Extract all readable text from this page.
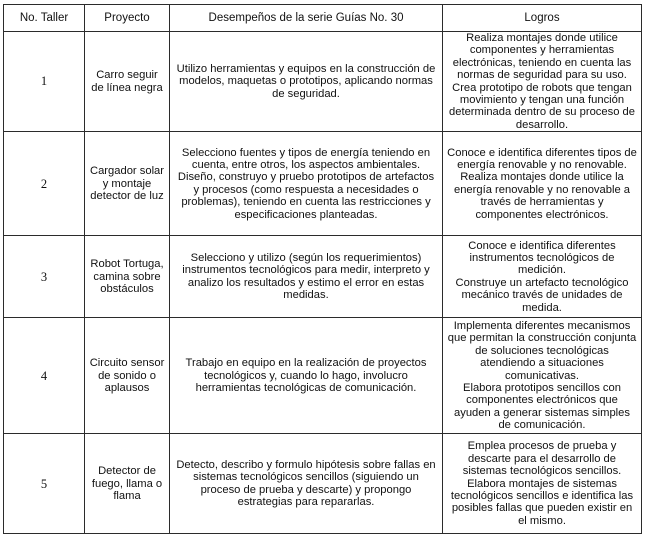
No. Taller	Proyecto	Desempeños de la serie Guías No. 30	Logros
1	Carro seguir de línea negra	Utilizo herramientas y equipos en la construcción de modelos, maquetas o prototipos, aplicando normas de seguridad.	Realiza montajes donde utilice componentes y herramientas electrónicas, teniendo en cuenta las normas de seguridad para su uso.
Crea prototipo de robots que tengan movimiento y tengan una función determinada dentro de su proceso de desarrollo.

2	Cargador solar y montaje detector de luz	Selecciono fuentes y tipos de energía teniendo en cuenta, entre otros, los aspectos ambientales.
Diseño, construyo y pruebo prototipos de artefactos y procesos (como respuesta a necesidades o problemas), teniendo en cuenta las restricciones y especificaciones planteadas.	Conoce e identifica diferentes tipos de energía renovable y no renovable.
Realiza montajes donde utilice la energía renovable y no renovable a través de herramientas y componentes electrónicos.

3	Robot Tortuga, camina sobre obstáculos	Selecciono y utilizo (según los requerimientos) instrumentos tecnológicos para medir, interpreto y analizo los resultados y estimo el error en estas medidas.	Conoce e identifica diferentes instrumentos tecnológicos de medición.
Construye un artefacto tecnológico mecánico través de unidades de medida.

4	Circuito sensor de sonido o aplausos	Trabajo en equipo en la realización de proyectos tecnológicos y, cuando lo hago, involucro herramientas tecnológicas de comunicación.	Implementa diferentes mecanismos que permitan la construcción conjunta de soluciones tecnológicas atendiendo a situaciones comunicativas.
Elabora prototipos sencillos con componentes electrónicos que ayuden a generar sistemas simples de comunicación.

5	Detector de fuego, llama o flama	Detecto, describo y formulo hipótesis sobre fallas en sistemas tecnológicos sencillos (siguiendo un proceso de prueba y descarte) y propongo estrategias para repararlas.	Emplea procesos de prueba y descarte para el desarrollo de sistemas tecnológicos sencillos.
Elabora montajes de sistemas tecnológicos sencillos e identifica las posibles fallas que pueden existir en el mismo.
